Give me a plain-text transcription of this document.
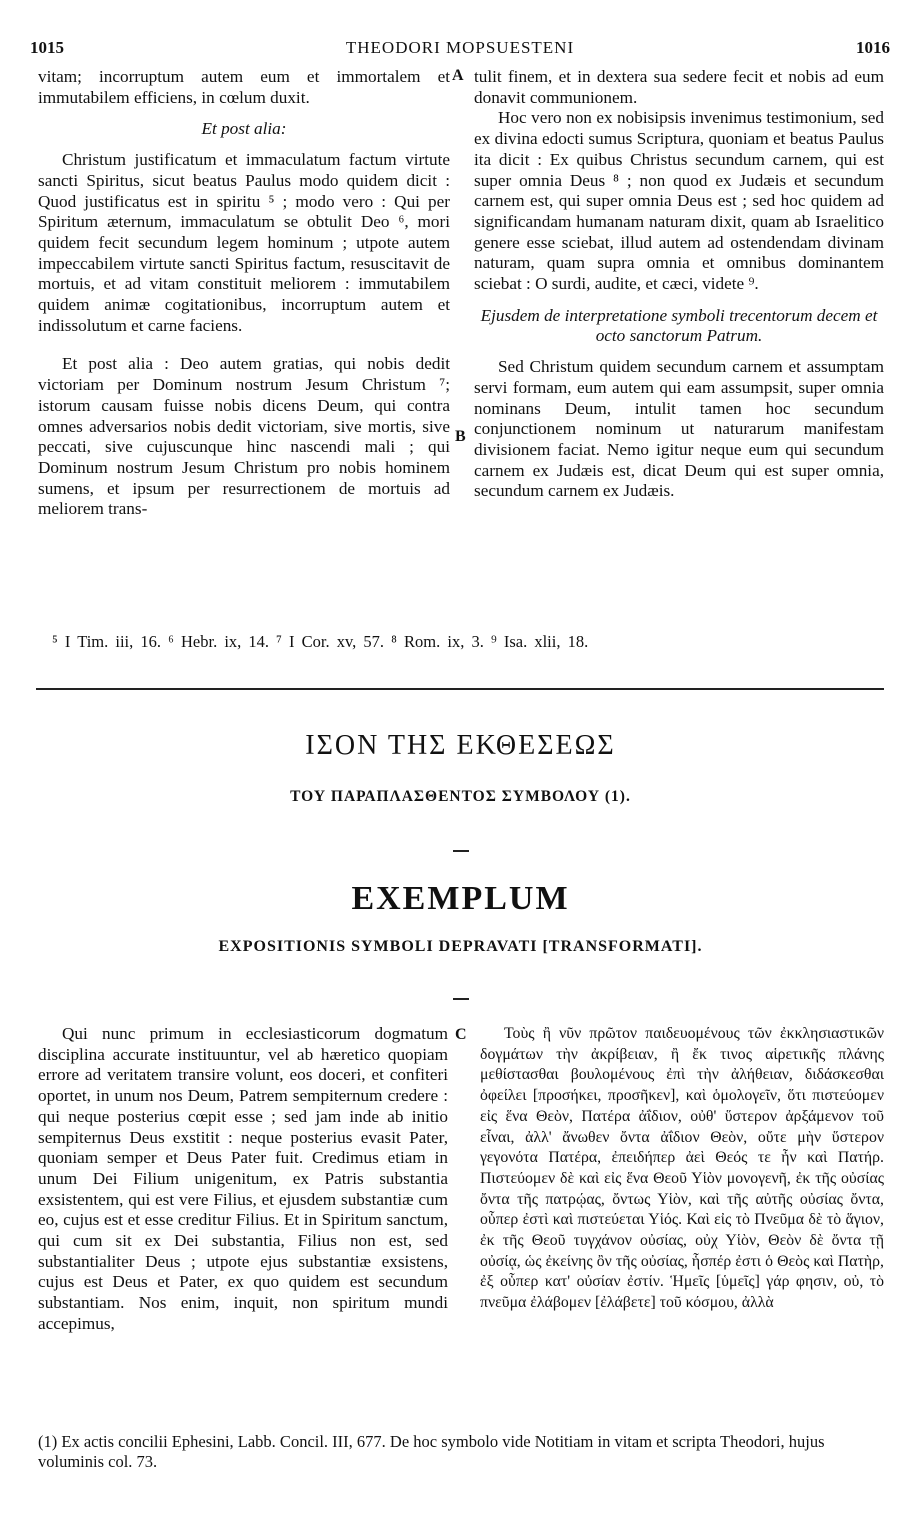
1015	THEODORI MOPSUESTENI	1016

vitam; incorruptum autem eum et immortalem et immutabilem efficiens, in cœlum duxit.

Et post alia:

Christum justificatum et immaculatum factum virtute sancti Spiritus, sicut beatus Paulus modo quidem dicit : Quod justificatus est in spiritu ⁵ ; modo vero : Qui per Spiritum æternum, immaculatum se obtulit Deo ⁶, mori quidem fecit secundum legem hominum ; utpote autem impeccabilem virtute sancti Spiritus factum, resuscitavit de mortuis, et ad vitam constituit meliorem : immutabilem quidem animæ cogitationibus, incorruptum autem et indissolutum et carne faciens.

Et post alia : Deo autem gratias, qui nobis dedit victoriam per Dominum nostrum Jesum Christum ⁷; istorum causam fuisse nobis dicens Deum, qui contra omnes adversarios nobis dedit victoriam, sive mortis, sive peccati, sive cujuscunque hinc nascendi mali ; qui Dominum nostrum Jesum Christum pro nobis hominem sumens, et ipsum per resurrectionem de mortuis ad meliorem trans-

A
B

tulit finem, et in dextera sua sedere fecit et nobis ad eum donavit communionem.

Hoc vero non ex nobisipsis invenimus testimonium, sed ex divina edocti sumus Scriptura, quoniam et beatus Paulus ita dicit : Ex quibus Christus secundum carnem, qui est super omnia Deus ⁸ ; non quod ex Judæis et secundum carnem est, qui super omnia Deus est ; sed hoc quidem ad significandam humanam naturam dixit, quam ab Israelitico genere esse sciebat, illud autem ad ostendendam divinam naturam, quam supra omnia et omnibus dominantem sciebat : O surdi, audite, et cæci, videte ⁹.

Ejusdem de interpretatione symboli trecentorum decem et octo sanctorum Patrum.

Sed Christum quidem secundum carnem et assumptam servi formam, eum autem qui eam assumpsit, super omnia nominans Deum, intulit tamen hoc secundum conjunctionem nominum ut naturarum manifestam divisionem faciat. Nemo igitur neque eum qui secundum carnem ex Judæis est, dicat Deum qui est super omnia, secundum carnem ex Judæis.

⁵ I Tim. iii, 16. ⁶ Hebr. ix, 14. ⁷ I Cor. xv, 57. ⁸ Rom. ix, 3. ⁹ Isa. xlii, 18.
ΙΣΟΝ ΤΗΣ ΕΚΘΕΣΕΩΣ
ΤΟΥ ΠΑΡΑΠΛΑΣΘΕΝΤΟΣ ΣΥΜΒΟΛΟΥ (1).
EXEMPLUM
EXPOSITIONIS SYMBOLI DEPRAVATI [TRANSFORMATI].
C

Qui nunc primum in ecclesiasticorum dogmatum disciplina accurate instituuntur, vel ab hæretico quopiam errore ad veritatem transire volunt, eos doceri, et confiteri oportet, in unum nos Deum, Patrem sempiternum credere : qui neque posterius cœpit esse ; sed jam inde ab initio sempiternus Deus exstitit : neque posterius evasit Pater, quoniam semper et Deus Pater fuit. Credimus etiam in unum Dei Filium unigenitum, ex Patris substantia exsistentem, qui est vere Filius, et ejusdem substantiæ cum eo, cujus est et esse creditur Filius. Et in Spiritum sanctum, qui cum sit ex Dei substantia, Filius non est, sed substantialiter Deus ; utpote ejus substantiæ exsistens, cujus est Deus et Pater, ex quo quidem est secundum substantiam. Nos enim, inquit, non spiritum mundi accepimus,

Τοὺς ἢ νῦν πρῶτον παιδευομένους τῶν ἐκκλησιαστικῶν δογμάτων τὴν ἀκρίβειαν, ἢ ἔκ τινος αἱρετικῆς πλάνης μεθίστασθαι βουλομένους ἐπὶ τὴν ἀλήθειαν, διδάσκεσθαι ὀφείλει [προσήκει, προσῆκεν], καὶ ὁμολογεῖν, ὅτι πιστεύομεν εἰς ἕνα Θεὸν, Πατέρα ἀΐδιον, οὐθ' ὕστερον ἀρξάμενον τοῦ εἶναι, ἀλλ' ἄνωθεν ὄντα ἀΐδιον Θεὸν, οὔτε μὴν ὕστερον γεγονότα Πατέρα, ἐπειδήπερ ἀεὶ Θεός τε ἦν καὶ Πατήρ. Πιστεύομεν δὲ καὶ εἰς ἕνα Θεοῦ Υἱὸν μονογενῆ, ἐκ τῆς οὐσίας ὄντα τῆς πατρῴας, ὄντως Υἱὸν, καὶ τῆς αὐτῆς οὐσίας ὄντα, οὗπερ ἐστὶ καὶ πιστεύεται Υἱός. Καὶ εἰς τὸ Πνεῦμα δὲ τὸ ἅγιον, ἐκ τῆς Θεοῦ τυγχάνον οὐσίας, οὐχ Υἱὸν, Θεὸν δὲ ὄντα τῇ οὐσίᾳ, ὡς ἐκείνης ὂν τῆς οὐσίας, ἧσπέρ ἐστι ὁ Θεὸς καὶ Πατὴρ, ἐξ οὗπερ κατ' οὐσίαν ἐστίν. Ἡμεῖς [ὑμεῖς] γάρ φησιν, οὐ, τὸ πνεῦμα ἐλάβομεν [ἐλάβετε] τοῦ κόσμου, ἀλλὰ

(1) Ex actis concilii Ephesini, Labb. Concil. III, 677. De hoc symbolo vide Notitiam in vitam et scripta Theodori, hujus voluminis col. 73.
